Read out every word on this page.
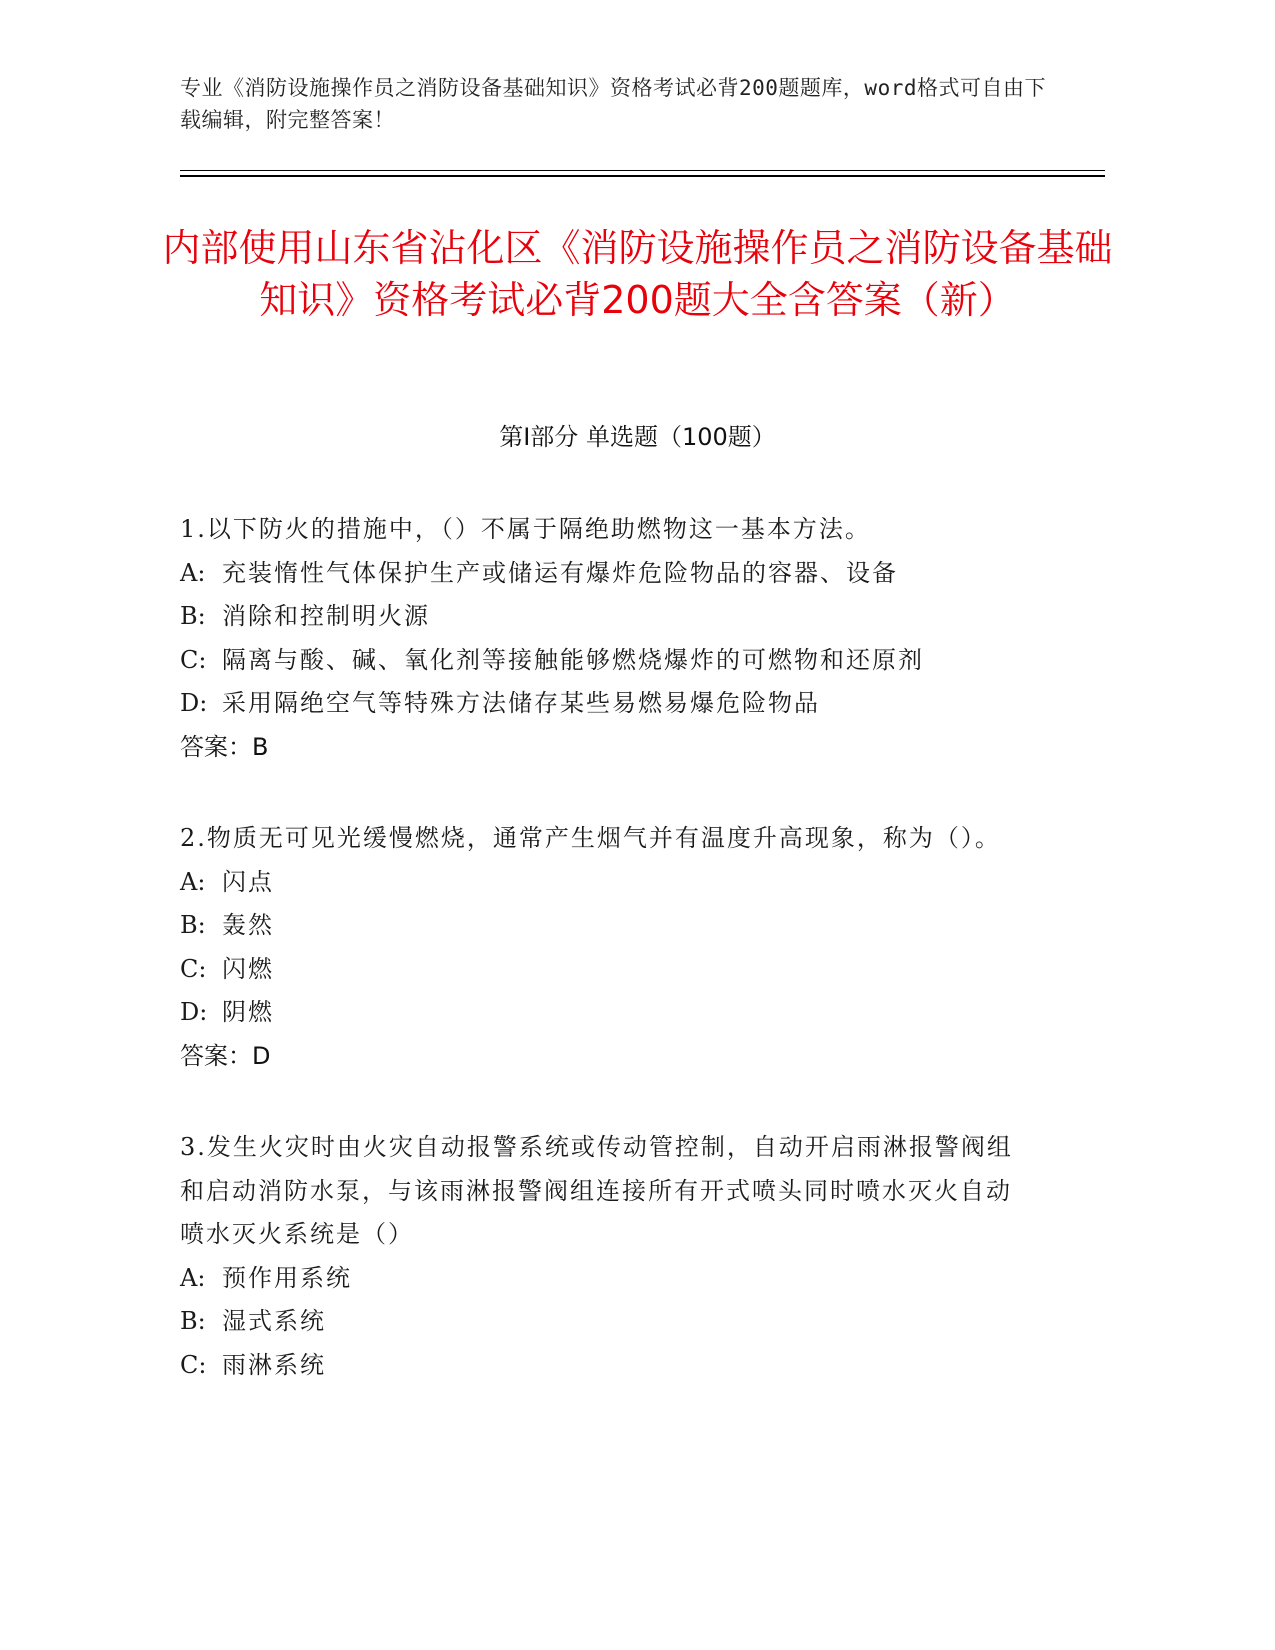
专业《消防设施操作员之消防设备基础知识》资格考试必背200题题库，word格式可自由下载编辑，附完整答案！
内部使用山东省沾化区《消防设施操作员之消防设备基础知识》资格考试必背200题大全含答案（新）
第Ⅰ部分 单选题（100题）
1.以下防火的措施中，（）不属于隔绝助燃物这一基本方法。
A: 充装惰性气体保护生产或储运有爆炸危险物品的容器、设备
B: 消除和控制明火源
C: 隔离与酸、碱、氧化剂等接触能够燃烧爆炸的可燃物和还原剂
D: 采用隔绝空气等特殊方法储存某些易燃易爆危险物品
答案：B
2.物质无可见光缓慢燃烧，通常产生烟气并有温度升高现象，称为（）。
A: 闪点
B: 轰然
C: 闪燃
D: 阴燃
答案：D
3.发生火灾时由火灾自动报警系统或传动管控制，自动开启雨淋报警阀组和启动消防水泵，与该雨淋报警阀组连接所有开式喷头同时喷水灭火自动喷水灭火系统是（）
A: 预作用系统
B: 湿式系统
C: 雨淋系统
